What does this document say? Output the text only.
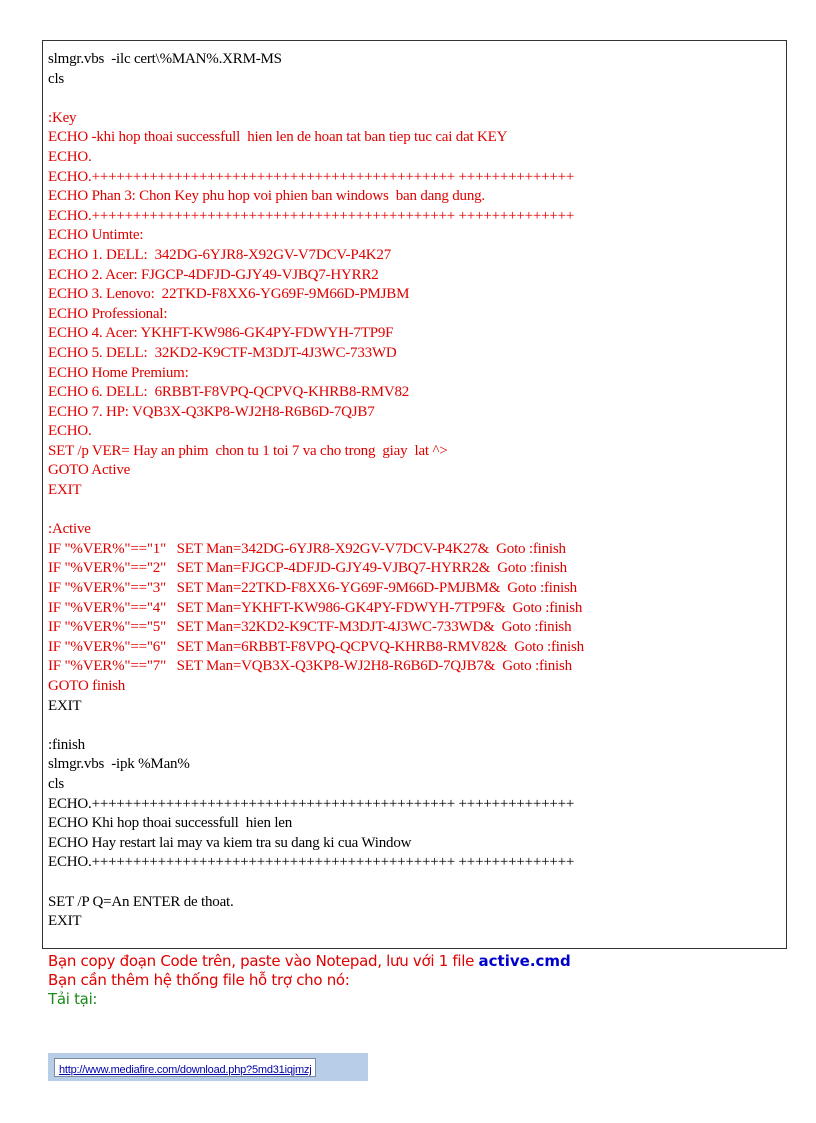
slmgr.vbs  -ilc cert\%MAN%.XRM-MS
cls
:Key
ECHO -khi hop thoai successfull  hien len de hoan tat ban tiep tuc cai dat KEY
ECHO.
ECHO.++++++++++++++++++++++++++++++++++++++++++++ ++++++++++++++
ECHO Phan 3: Chon Key phu hop voi phien ban windows  ban dang dung.
ECHO.++++++++++++++++++++++++++++++++++++++++++++ ++++++++++++++
ECHO Untimte:
ECHO 1. DELL:  342DG-6YJR8-X92GV-V7DCV-P4K27
ECHO 2. Acer: FJGCP-4DFJD-GJY49-VJBQ7-HYRR2
ECHO 3. Lenovo:  22TKD-F8XX6-YG69F-9M66D-PMJBM
ECHO Professional:
ECHO 4. Acer: YKHFT-KW986-GK4PY-FDWYH-7TP9F
ECHO 5. DELL:  32KD2-K9CTF-M3DJT-4J3WC-733WD
ECHO Home Premium:
ECHO 6. DELL:  6RBBT-F8VPQ-QCPVQ-KHRB8-RMV82
ECHO 7. HP: VQB3X-Q3KP8-WJ2H8-R6B6D-7QJB7
ECHO.
SET /p VER= Hay an phim  chon tu 1 toi 7 va cho trong  giay  lat ^>
GOTO Active
EXIT
:Active
IF "%VER%"=="1"   SET Man=342DG-6YJR8-X92GV-V7DCV-P4K27&  Goto :finish
IF "%VER%"=="2"   SET Man=FJGCP-4DFJD-GJY49-VJBQ7-HYRR2&  Goto :finish
IF "%VER%"=="3"   SET Man=22TKD-F8XX6-YG69F-9M66D-PMJBM&  Goto :finish
IF "%VER%"=="4"   SET Man=YKHFT-KW986-GK4PY-FDWYH-7TP9F&  Goto :finish
IF "%VER%"=="5"   SET Man=32KD2-K9CTF-M3DJT-4J3WC-733WD&  Goto :finish
IF "%VER%"=="6"   SET Man=6RBBT-F8VPQ-QCPVQ-KHRB8-RMV82&  Goto :finish
IF "%VER%"=="7"   SET Man=VQB3X-Q3KP8-WJ2H8-R6B6D-7QJB7&  Goto :finish
GOTO finish
EXIT
:finish
slmgr.vbs  -ipk %Man%
cls
ECHO.++++++++++++++++++++++++++++++++++++++++++++ ++++++++++++++
ECHO Khi hop thoai successfull  hien len
ECHO Hay restart lai may va kiem tra su dang ki cua Window
ECHO.++++++++++++++++++++++++++++++++++++++++++++ ++++++++++++++
SET /P Q=An ENTER de thoat.
EXIT
Bạn copy đoạn Code trên, paste vào Notepad, lưu với 1 file active.cmd
Bạn cần thêm hệ thống file hỗ trợ cho nó:
Tải tại:
http://www.mediafire.com/download.php?5md31iqjmzj
